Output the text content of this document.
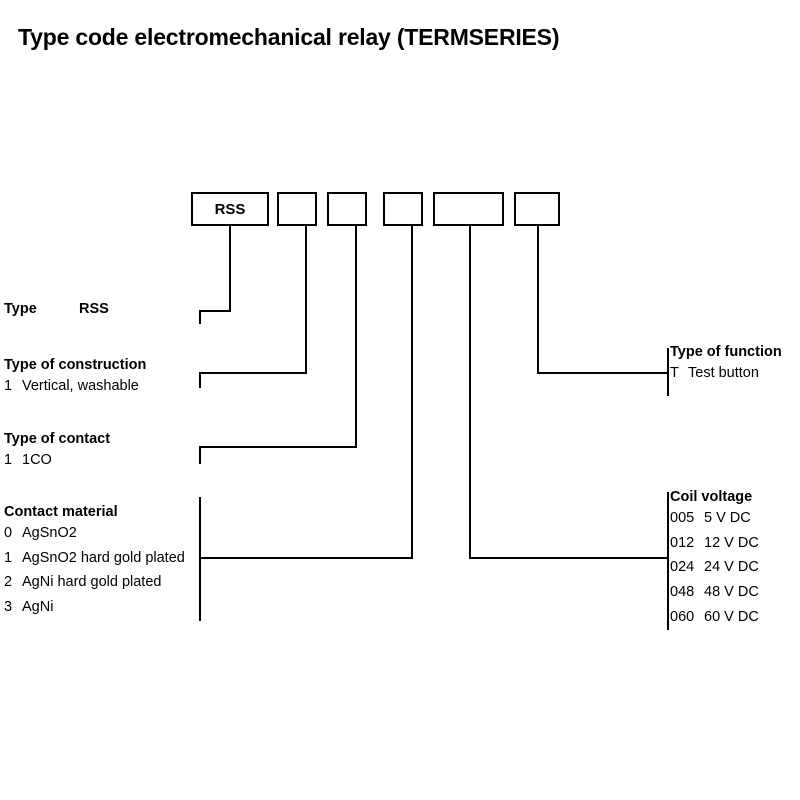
Type code electromechanical relay (TERMSERIES)
RSS
Type	RSS
Type of construction
1 Vertical, washable
Type of contact
1 1CO
Contact material
0 AgSnO2
1 AgSnO2 hard gold plated
2 AgNi hard gold plated
3 AgNi
Type of function
T Test button
Coil voltage
005 5 V DC
012 12 V DC
024 24 V DC
048 48 V DC
060 60 V DC
